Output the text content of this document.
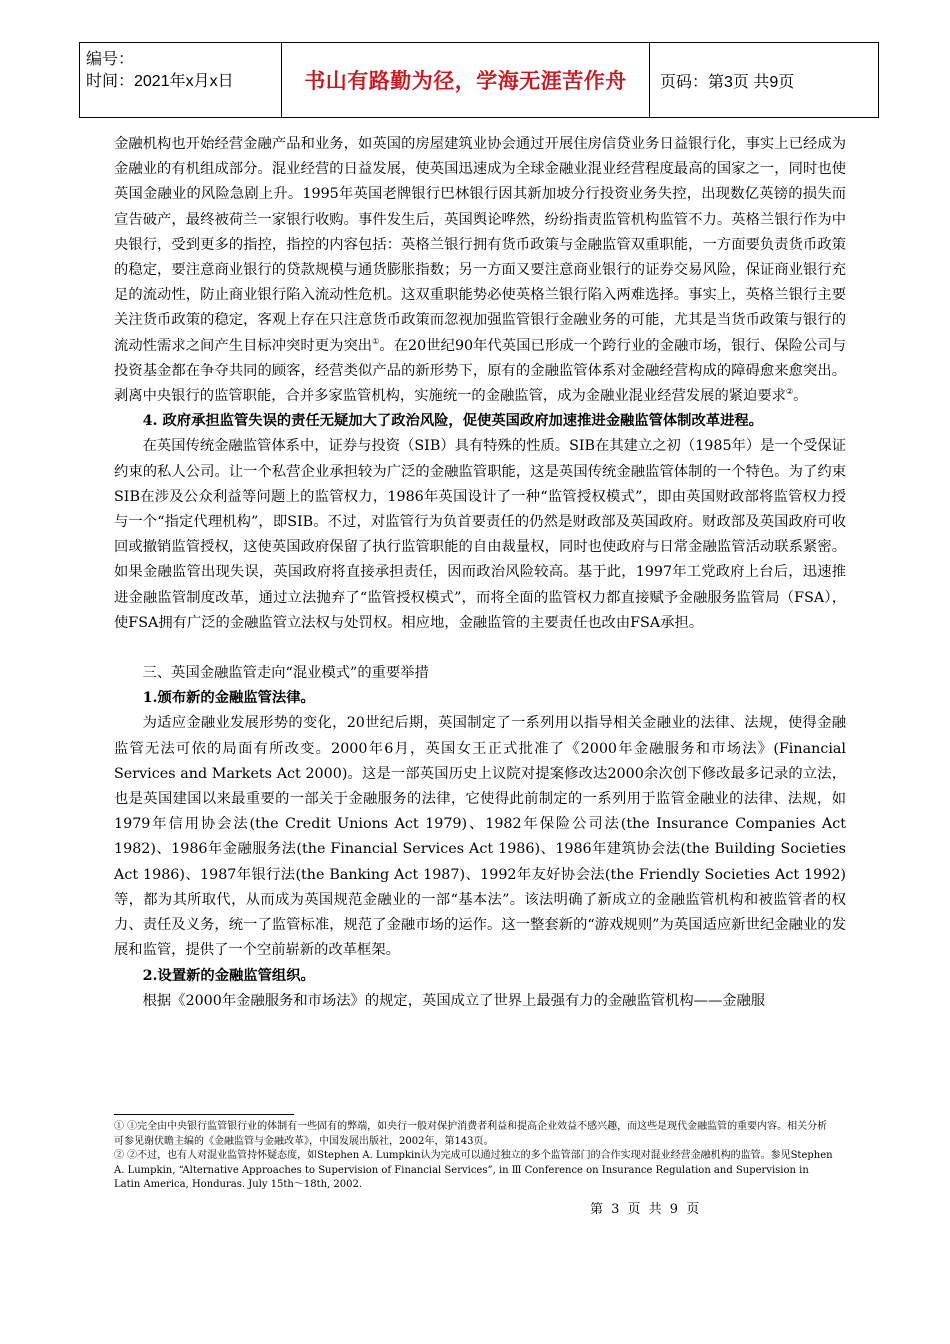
编号：
时间：2021年x月x日	书山有路勤为径，学海无涯苦作舟	页码：第3页 共9页

金融机构也开始经营金融产品和业务，如英国的房屋建筑业协会通过开展住房信贷业务日益银行化，事实上已经成为金融业的有机组成部分。混业经营的日益发展，使英国迅速成为全球金融业混业经营程度最高的国家之一，同时也使英国金融业的风险急剧上升。1995年英国老牌银行巴林银行因其新加坡分行投资业务失控，出现数亿英镑的损失而宣告破产，最终被荷兰一家银行收购。事件发生后，英国舆论哗然，纷纷指责监管机构监管不力。英格兰银行作为中央银行，受到更多的指控，指控的内容包括：英格兰银行拥有货币政策与金融监管双重职能，一方面要负责货币政策的稳定，要注意商业银行的贷款规模与通货膨胀指数；另一方面又要注意商业银行的证券交易风险，保证商业银行充足的流动性，防止商业银行陷入流动性危机。这双重职能势必使英格兰银行陷入两难选择。事实上，英格兰银行主要关注货币政策的稳定，客观上存在只注意货币政策而忽视加强监管银行金融业务的可能，尤其是当货币政策与银行的流动性需求之间产生目标冲突时更为突出①。在20世纪90年代英国已形成一个跨行业的金融市场，银行、保险公司与投资基金都在争夺共同的顾客，经营类似产品的新形势下，原有的金融监管体系对金融经营构成的障碍愈来愈突出。剥离中央银行的监管职能，合并多家监管机构，实施统一的金融监管，成为金融业混业经营发展的紧迫要求②。

4. 政府承担监管失误的责任无疑加大了政治风险，促使英国政府加速推进金融监管体制改革进程。

在英国传统金融监管体系中，证券与投资（SIB）具有特殊的性质。SIB在其建立之初（1985年）是一个受保证约束的私人公司。让一个私营企业承担较为广泛的金融监管职能，这是英国传统金融监管体制的一个特色。为了约束SIB在涉及公众利益等问题上的监管权力，1986年英国设计了一种“监管授权模式”，即由英国财政部将监管权力授与一个“指定代理机构”，即SIB。不过，对监管行为负首要责任的仍然是财政部及英国政府。财政部及英国政府可收回或撤销监管授权，这使英国政府保留了执行监管职能的自由裁量权，同时也使政府与日常金融监管活动联系紧密。如果金融监管出现失误，英国政府将直接承担责任，因而政治风险较高。基于此，1997年工党政府上台后，迅速推进金融监管制度改革，通过立法抛弃了“监管授权模式”，而将全面的监管权力都直接赋予金融服务监管局（FSA），使FSA拥有广泛的金融监管立法权与处罚权。相应地，金融监管的主要责任也改由FSA承担。

三、英国金融监管走向“混业模式”的重要举措

1.颁布新的金融监管法律。

为适应金融业发展形势的变化，20世纪后期，英国制定了一系列用以指导相关金融业的法律、法规，使得金融监管无法可依的局面有所改变。2000年6月，英国女王正式批准了《2000年金融服务和市场法》(Financial Services and Markets Act 2000)。这是一部英国历史上议院对提案修改达2000余次创下修改最多记录的立法，也是英国建国以来最重要的一部关于金融服务的法律，它使得此前制定的一系列用于监管金融业的法律、法规，如1979年信用协会法(the Credit Unions Act 1979)、1982年保险公司法(the Insurance Companies Act 1982)、1986年金融服务法(the Financial Services Act 1986)、1986年建筑协会法(the Building Societies Act 1986)、1987年银行法(the Banking Act 1987)、1992年友好协会法(the Friendly Societies Act 1992)等，都为其所取代，从而成为英国规范金融业的一部“基本法”。该法明确了新成立的金融监管机构和被监管者的权力、责任及义务，统一了监管标准，规范了金融市场的运作。这一整套新的“游戏规则”为英国适应新世纪金融业的发展和监管，提供了一个空前崭新的改革框架。

2.设置新的金融监管组织。

根据《2000年金融服务和市场法》的规定，英国成立了世界上最强有力的金融监管机构——金融服

① ①完全由中央银行监管银行业的体制有一些固有的弊端，如央行一般对保护消费者利益和提高企业效益不感兴趣，而这些是现代金融监管的重要内容。相关分析可参见谢伏瞻主编的《金融监管与金融改革》，中国发展出版社，2002年，第143页。

② ②不过，也有人对混业监管持怀疑态度，如Stephen A. Lumpkin认为完成可以通过独立的多个监管部门的合作实现对混业经营金融机构的监管。参见Stephen A. Lumpkin, “Alternative Approaches to Supervision of Financial Services”, in Ⅲ Conference on Insurance Regulation and Supervision in Latin America, Honduras. July 15th～18th, 2002.

第 3 页 共 9 页
